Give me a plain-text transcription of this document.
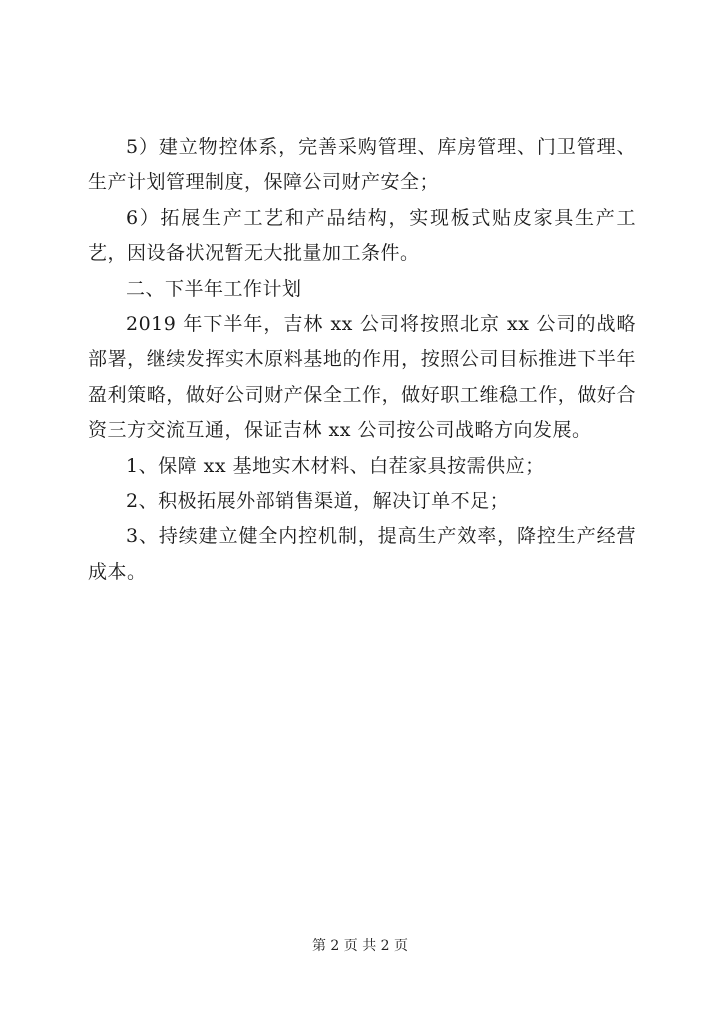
5）建立物控体系，完善采购管理、库房管理、门卫管理、生产计划管理制度，保障公司财产安全；

6）拓展生产工艺和产品结构，实现板式贴皮家具生产工艺，因设备状况暂无大批量加工条件。

二、下半年工作计划

2019 年下半年，吉林 xx 公司将按照北京 xx 公司的战略部署，继续发挥实木原料基地的作用，按照公司目标推进下半年盈利策略，做好公司财产保全工作，做好职工维稳工作，做好合资三方交流互通，保证吉林 xx 公司按公司战略方向发展。

1、保障 xx 基地实木材料、白茬家具按需供应；

2、积极拓展外部销售渠道，解决订单不足；

3、持续建立健全内控机制，提高生产效率，降控生产经营成本。

第 2 页 共 2 页
